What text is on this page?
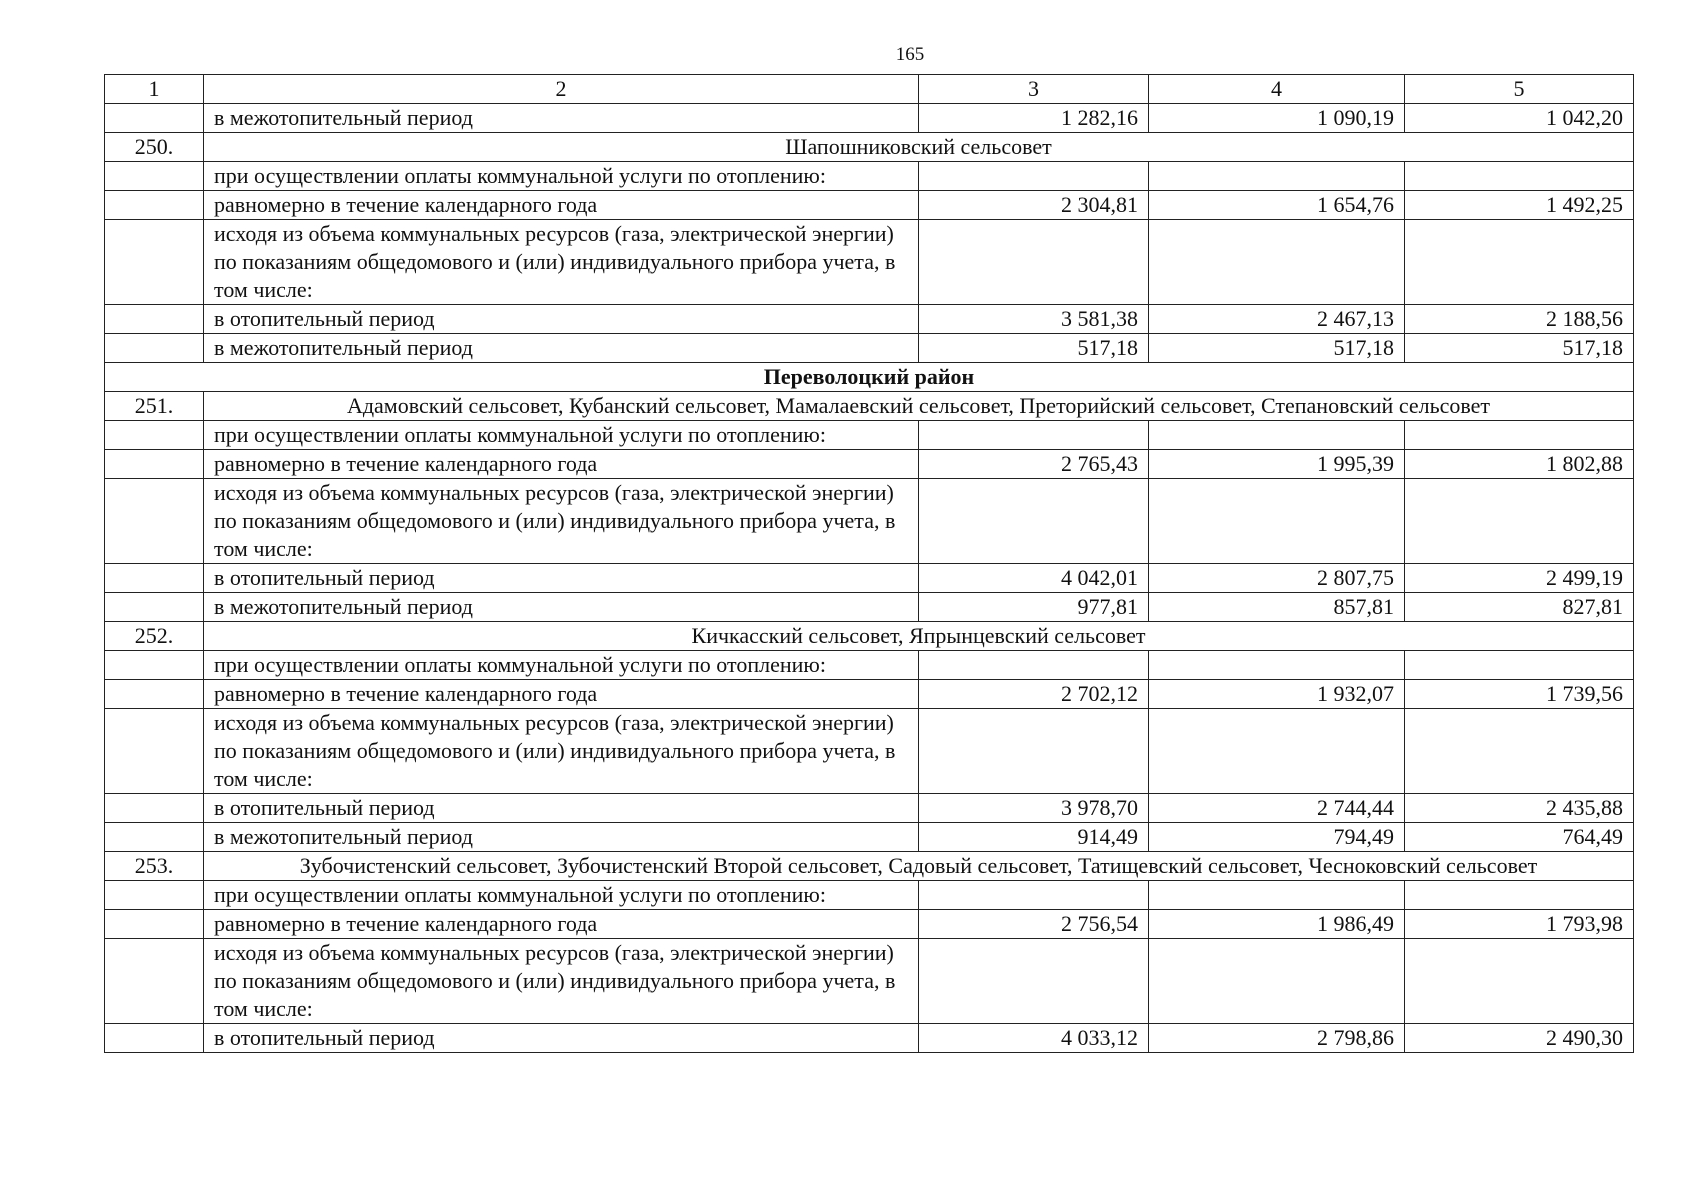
165
1	2	3	4	5
	в межотопительный период	1 282,16	1 090,19	1 042,20
250.	Шапошниковский сельсовет			
	при осуществлении оплаты коммунальной услуги по отоплению:			
	равномерно в течение календарного года	2 304,81	1 654,76	1 492,25
	исходя из объема коммунальных ресурсов (газа, электрической энергии) по показаниям общедомового и (или) индивидуального прибора учета, в том числе:			
	в отопительный период	3 581,38	2 467,13	2 188,56
	в межотопительный период	517,18	517,18	517,18
Переволоцкий район				
251.	Адамовский сельсовет, Кубанский сельсовет, Мамалаевский сельсовет, Преторийский сельсовет, Степановский сельсовет			
	при осуществлении оплаты коммунальной услуги по отоплению:			
	равномерно в течение календарного года	2 765,43	1 995,39	1 802,88
	исходя из объема коммунальных ресурсов (газа, электрической энергии) по показаниям общедомового и (или) индивидуального прибора учета, в том числе:			
	в отопительный период	4 042,01	2 807,75	2 499,19
	в межотопительный период	977,81	857,81	827,81
252.	Кичкасский сельсовет, Япрынцевский сельсовет			
	при осуществлении оплаты коммунальной услуги по отоплению:			
	равномерно в течение календарного года	2 702,12	1 932,07	1 739,56
	исходя из объема коммунальных ресурсов (газа, электрической энергии) по показаниям общедомового и (или) индивидуального прибора учета, в том числе:			
	в отопительный период	3 978,70	2 744,44	2 435,88
	в межотопительный период	914,49	794,49	764,49
253.	Зубочистенский сельсовет, Зубочистенский Второй сельсовет, Садовый сельсовет, Татищевский сельсовет, Чесноковский сельсовет			
	при осуществлении оплаты коммунальной услуги по отоплению:			
	равномерно в течение календарного года	2 756,54	1 986,49	1 793,98
	исходя из объема коммунальных ресурсов (газа, электрической энергии) по показаниям общедомового и (или) индивидуального прибора учета, в том числе:			
	в отопительный период	4 033,12	2 798,86	2 490,30
